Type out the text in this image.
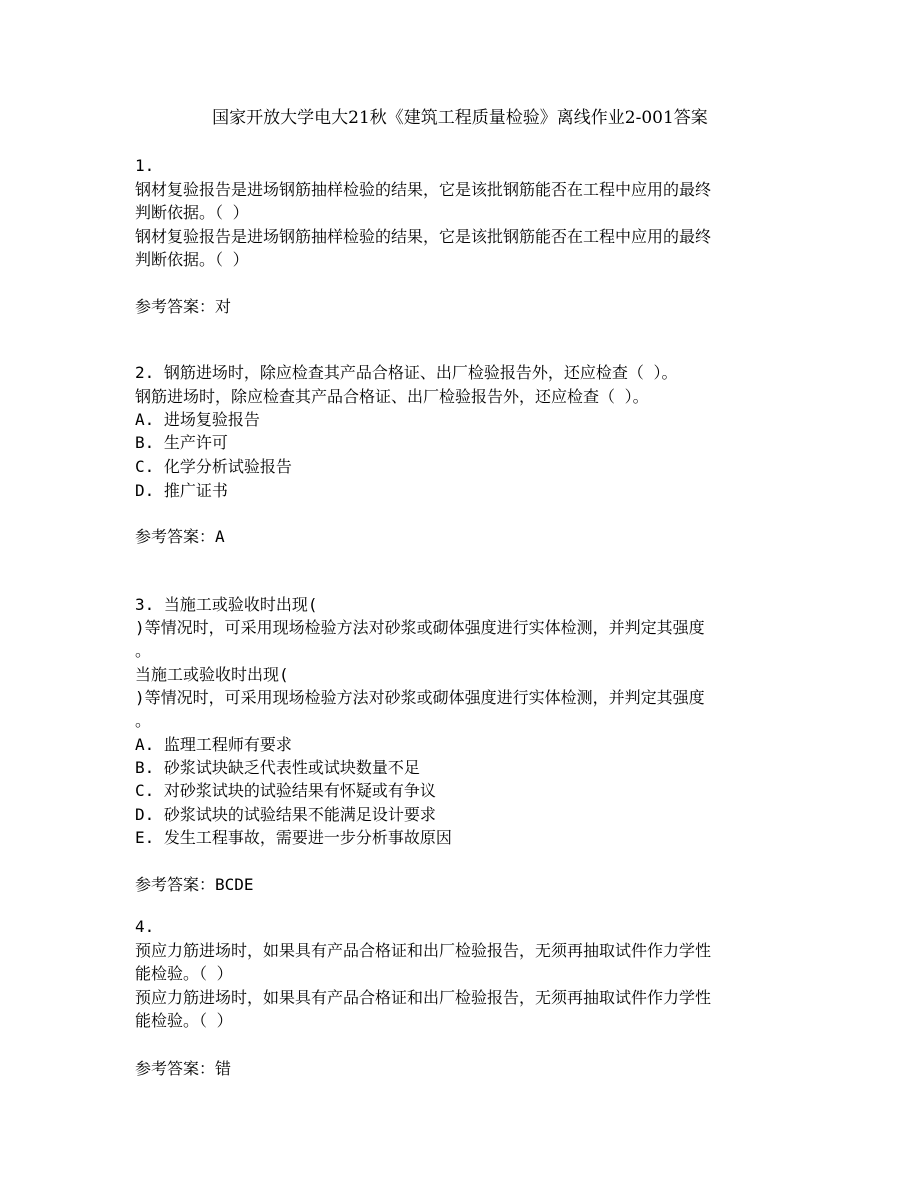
国家开放大学电大21秋《建筑工程质量检验》离线作业2-001答案
1.
钢材复验报告是进场钢筋抽样检验的结果，它是该批钢筋能否在工程中应用的最终
判断依据。（ ）
钢材复验报告是进场钢筋抽样检验的结果，它是该批钢筋能否在工程中应用的最终
判断依据。（ ）
参考答案：对
2. 钢筋进场时，除应检查其产品合格证、出厂检验报告外，还应检查（ ）。
钢筋进场时，除应检查其产品合格证、出厂检验报告外，还应检查（ ）。
A. 进场复验报告
B. 生产许可
C. 化学分析试验报告
D. 推广证书
参考答案：A
3. 当施工或验收时出现(
)等情况时，可采用现场检验方法对砂浆或砌体强度进行实体检测，并判定其强度
。
当施工或验收时出现(
)等情况时，可采用现场检验方法对砂浆或砌体强度进行实体检测，并判定其强度
。
A. 监理工程师有要求
B. 砂浆试块缺乏代表性或试块数量不足
C. 对砂浆试块的试验结果有怀疑或有争议
D. 砂浆试块的试验结果不能满足设计要求
E. 发生工程事故，需要进一步分析事故原因
参考答案：BCDE
4.
预应力筋进场时，如果具有产品合格证和出厂检验报告，无须再抽取试件作力学性
能检验。（ ）
预应力筋进场时，如果具有产品合格证和出厂检验报告，无须再抽取试件作力学性
能检验。（ ）
参考答案：错
